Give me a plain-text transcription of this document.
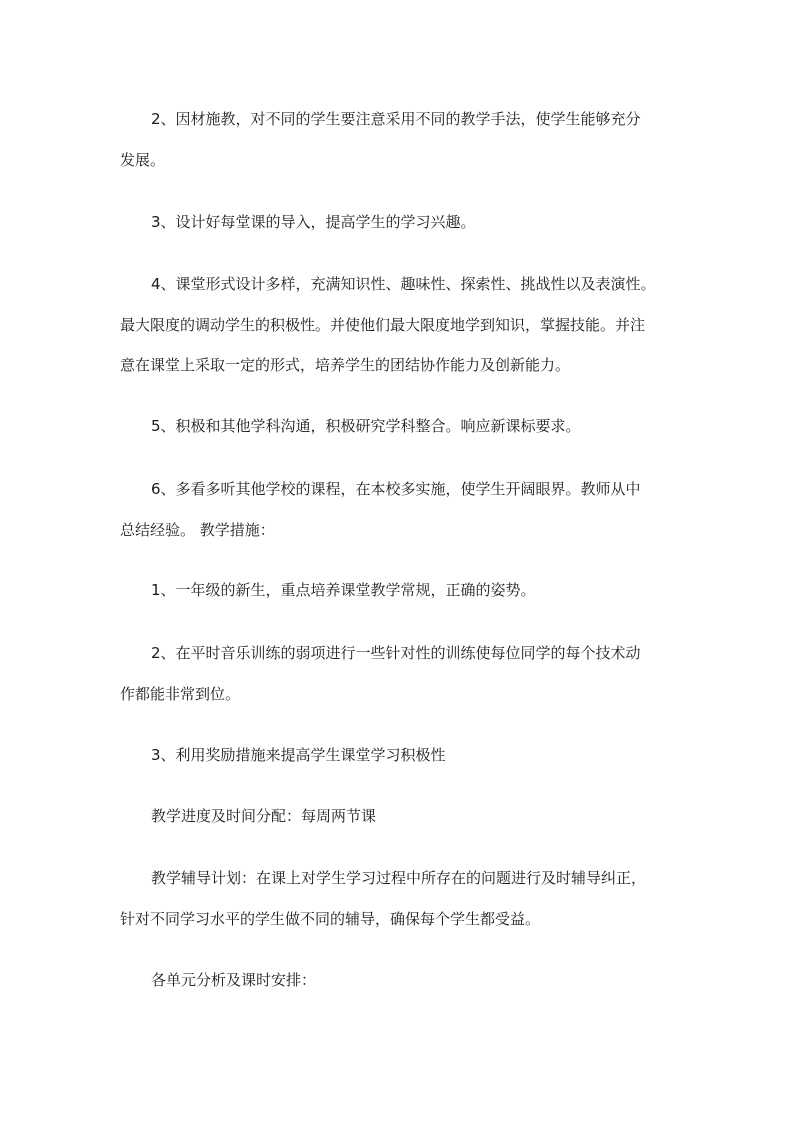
2、因材施教，对不同的学生要注意采用不同的教学手法，使学生能够充分
发展。
3、设计好每堂课的导入，提高学生的学习兴趣。
4、课堂形式设计多样，充满知识性、趣味性、探索性、挑战性以及表演性。
最大限度的调动学生的积极性。并使他们最大限度地学到知识，掌握技能。并注
意在课堂上采取一定的形式，培养学生的团结协作能力及创新能力。
5、积极和其他学科沟通，积极研究学科整合。响应新课标要求。
6、多看多听其他学校的课程，在本校多实施，使学生开阔眼界。教师从中
总结经验。 教学措施：
1、一年级的新生，重点培养课堂教学常规，正确的姿势。
2、在平时音乐训练的弱项进行一些针对性的训练使每位同学的每个技术动
作都能非常到位。
3、利用奖励措施来提高学生课堂学习积极性
教学进度及时间分配：每周两节课
教学辅导计划：在课上对学生学习过程中所存在的问题进行及时辅导纠正，
针对不同学习水平的学生做不同的辅导，确保每个学生都受益。
各单元分析及课时安排：
